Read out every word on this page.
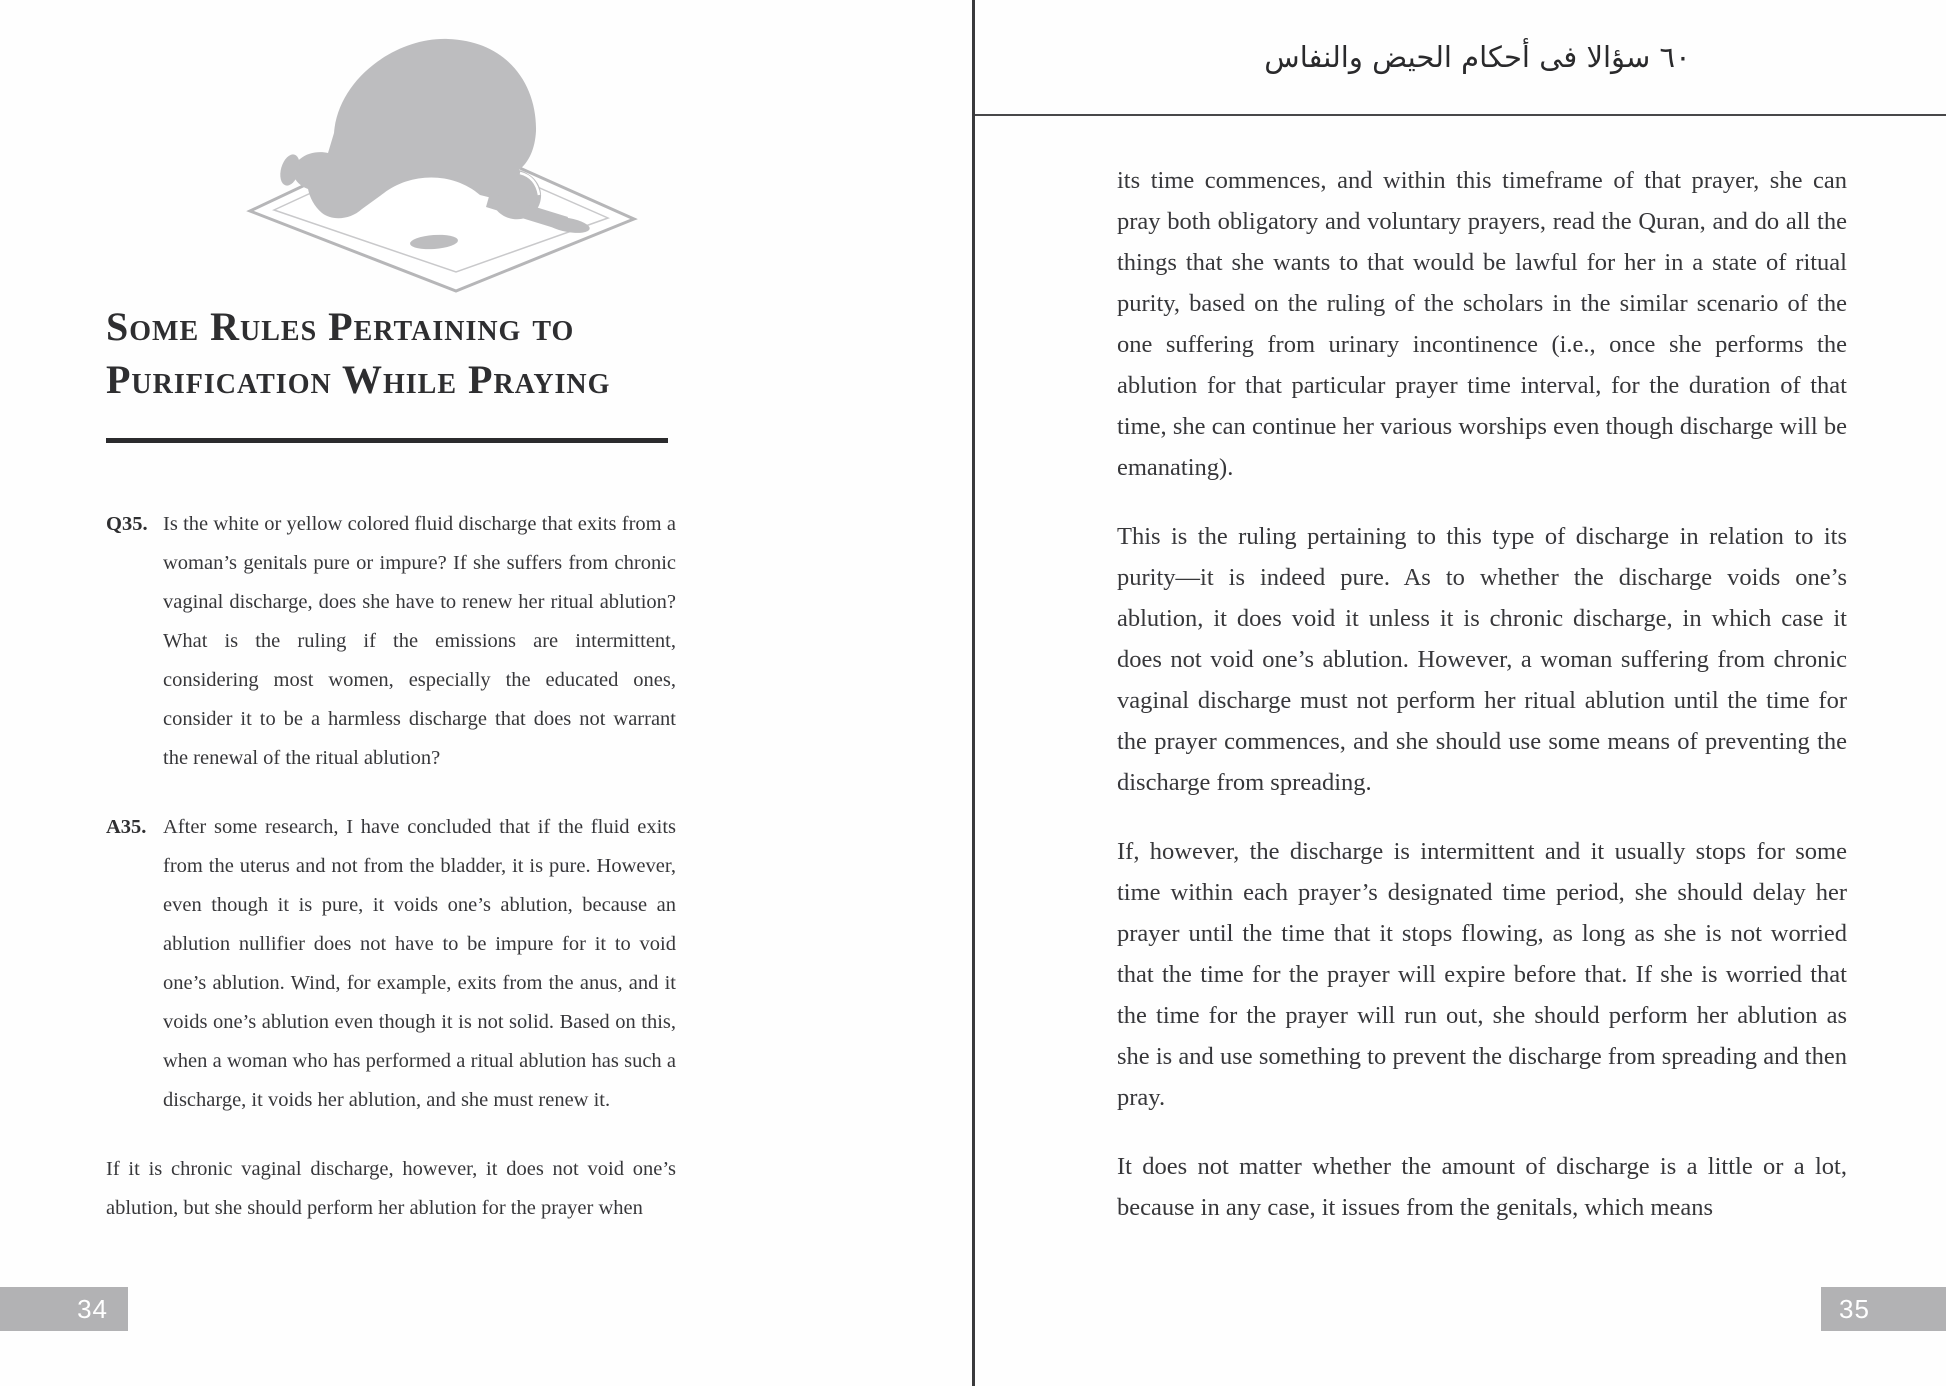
Some Rules Pertaining to
Purification While Praying
Q35. Is the white or yellow colored fluid discharge that exits from a woman’s genitals pure or impure? If she suffers from chronic vaginal discharge, does she have to renew her ritual ablution? What is the ruling if the emissions are intermittent, considering most women, especially the educated ones, consider it to be a harmless discharge that does not warrant the renewal of the ritual ablution?

A35. After some research, I have concluded that if the fluid exits from the uterus and not from the bladder, it is pure. However, even though it is pure, it voids one’s ablution, because an ablution nullifier does not have to be impure for it to void one’s ablution. Wind, for example, exits from the anus, and it voids one’s ablution even though it is not solid. Based on this, when a woman who has performed a ritual ablution has such a discharge, it voids her ablution, and she must renew it.

If it is chronic vaginal discharge, however, it does not void one’s ablution, but she should perform her ablution for the prayer when

34
٦٠ سؤالا فى أحكام الحيض والنفاس

its time commences, and within this timeframe of that prayer, she can pray both obligatory and voluntary prayers, read the Quran, and do all the things that she wants to that would be lawful for her in a state of ritual purity, based on the ruling of the scholars in the similar scenario of the one suffering from urinary incontinence (i.e., once she performs the ablution for that particular prayer time interval, for the duration of that time, she can continue her various worships even though discharge will be emanating).

This is the ruling pertaining to this type of discharge in relation to its purity—it is indeed pure. As to whether the discharge voids one’s ablution, it does void it unless it is chronic discharge, in which case it does not void one’s ablution. However, a woman suffering from chronic vaginal discharge must not perform her ritual ablution until the time for the prayer commences, and she should use some means of preventing the discharge from spreading.

If, however, the discharge is intermittent and it usually stops for some time within each prayer’s designated time period, she should delay her prayer until the time that it stops flowing, as long as she is not worried that the time for the prayer will expire before that. If she is worried that the time for the prayer will run out, she should perform her ablution as she is and use something to prevent the discharge from spreading and then pray.

It does not matter whether the amount of discharge is a little or a lot, because in any case, it issues from the genitals, which means

35
